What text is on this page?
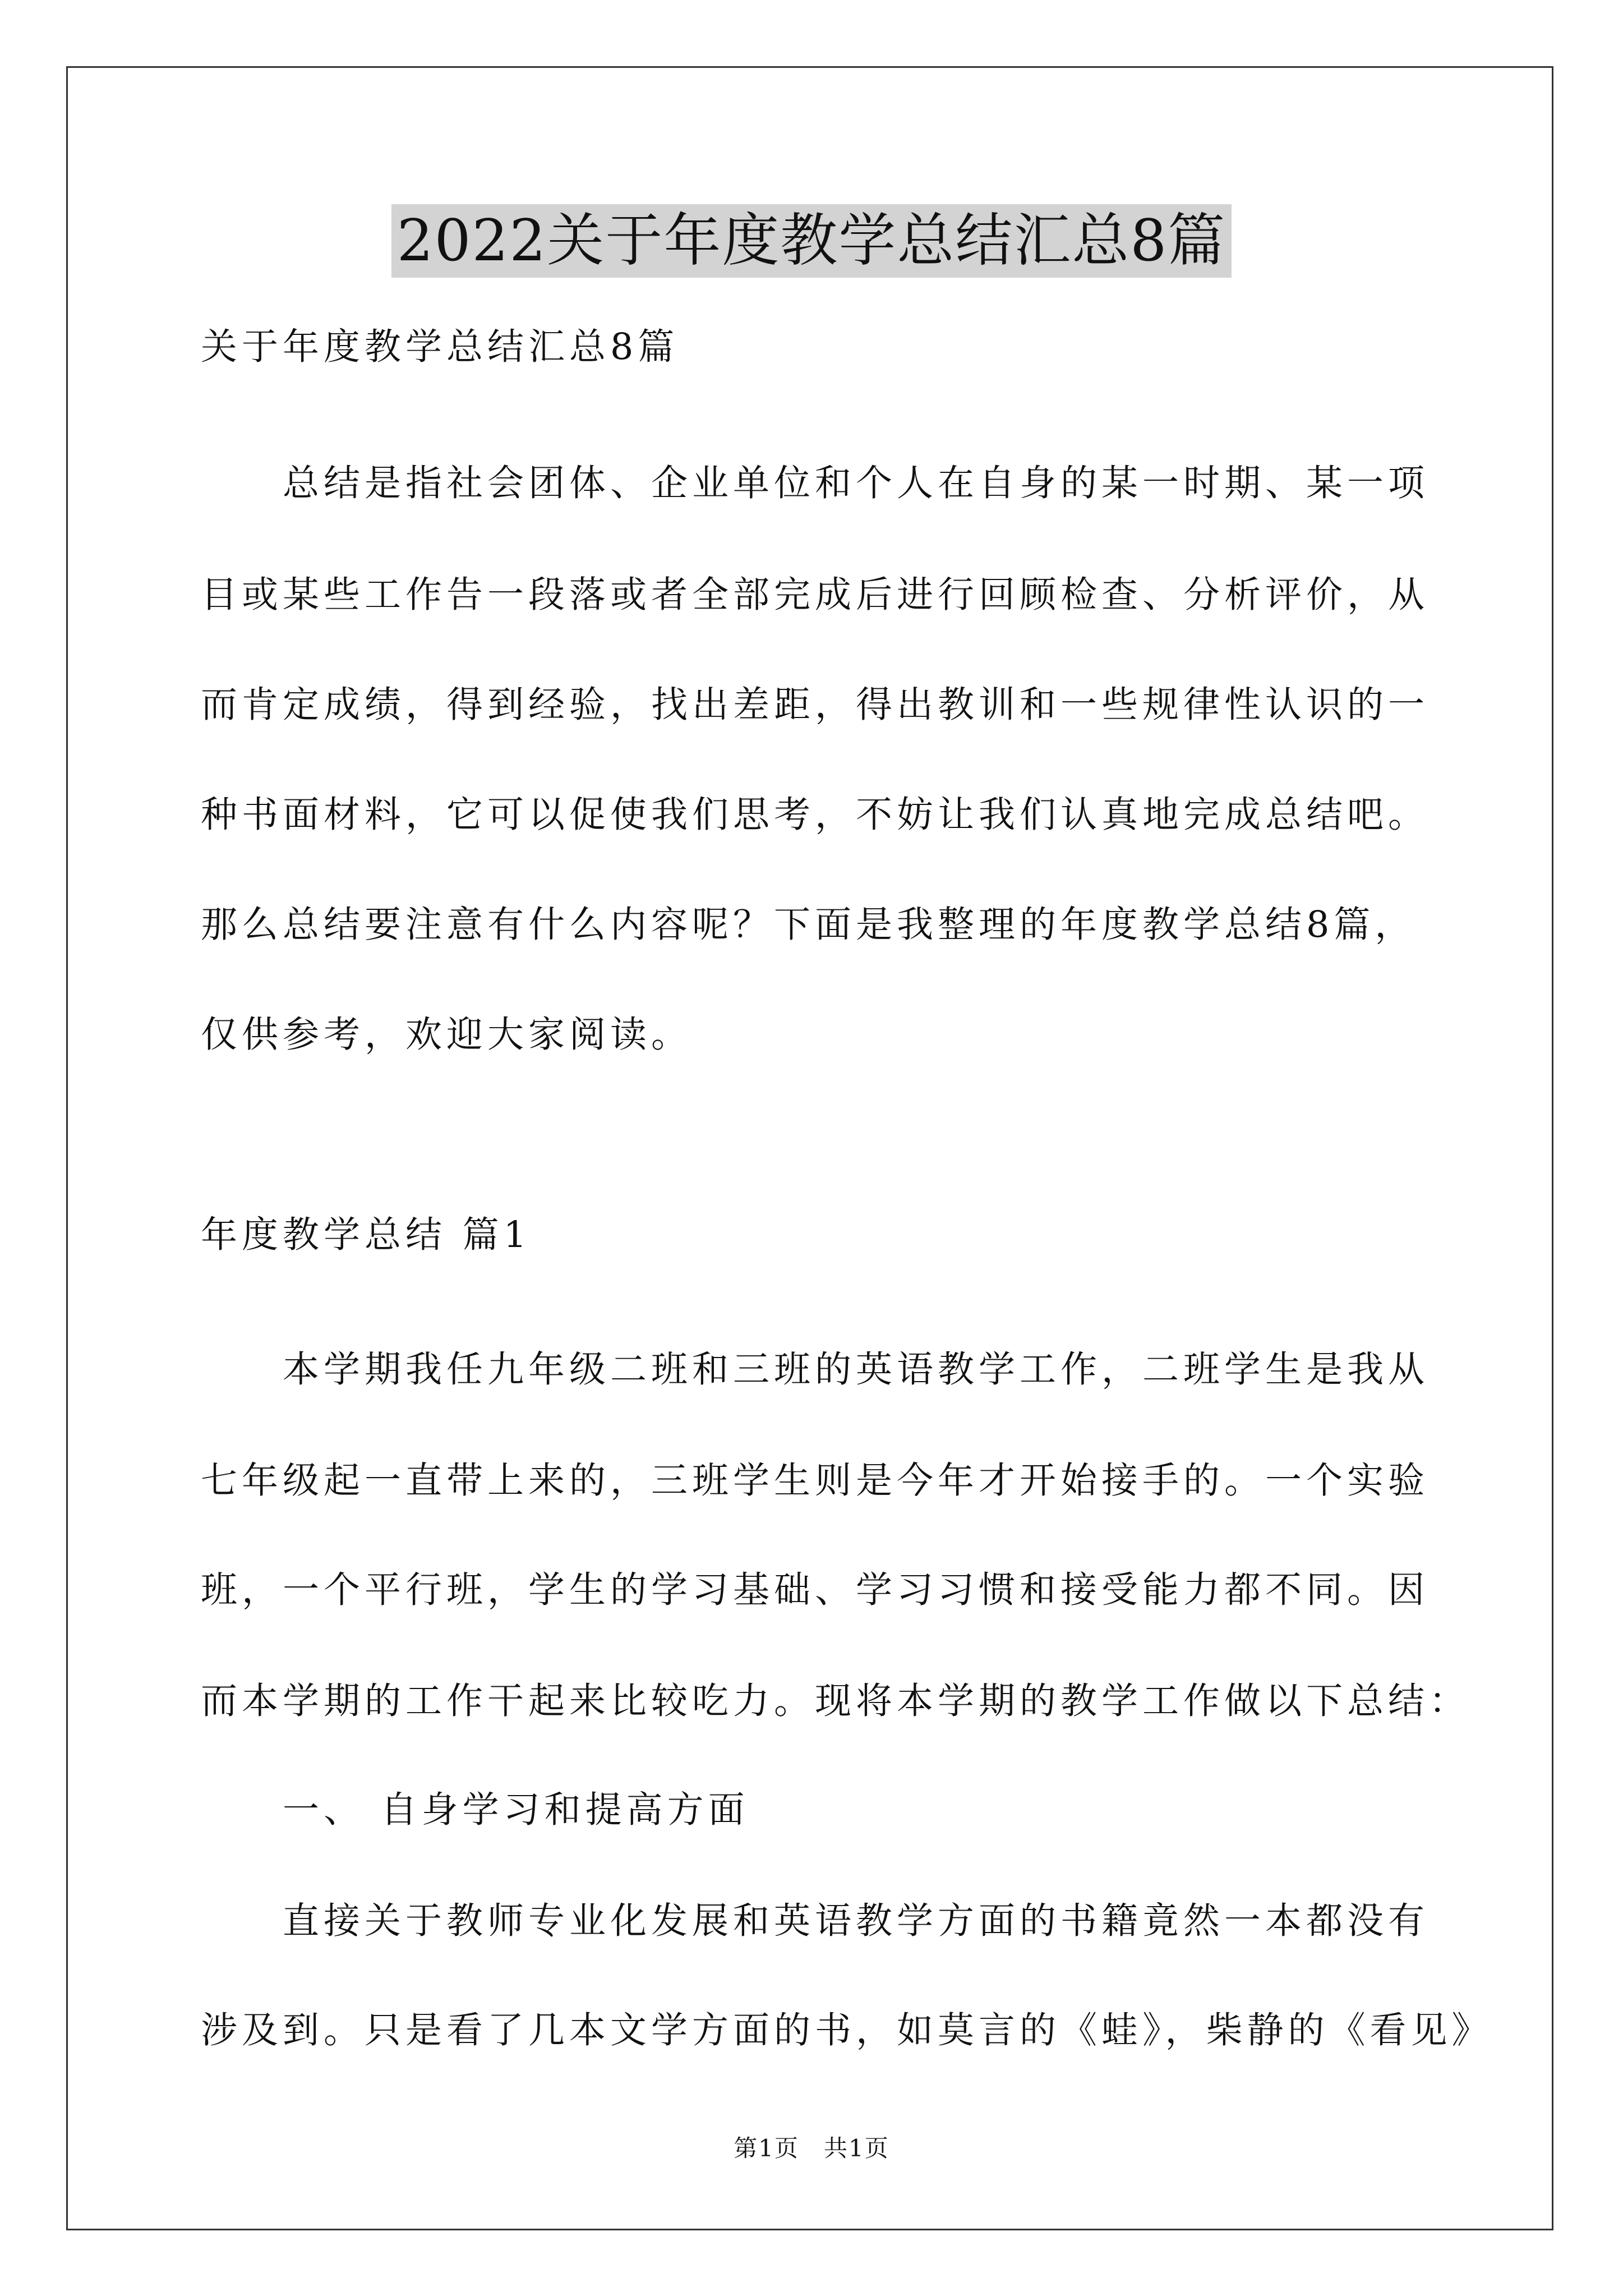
2022关于年度教学总结汇总8篇
关于年度教学总结汇总8篇
　　总结是指社会团体、企业单位和个人在自身的某一时期、某一项
目或某些工作告一段落或者全部完成后进行回顾检查、分析评价，从
而肯定成绩，得到经验，找出差距，得出教训和一些规律性认识的一
种书面材料，它可以促使我们思考，不妨让我们认真地完成总结吧。
那么总结要注意有什么内容呢？下面是我整理的年度教学总结8篇，
仅供参考，欢迎大家阅读。
年度教学总结 篇1
　　本学期我任九年级二班和三班的英语教学工作，二班学生是我从
七年级起一直带上来的，三班学生则是今年才开始接手的。一个实验
班，一个平行班，学生的学习基础、学习习惯和接受能力都不同。因
而本学期的工作干起来比较吃力。现将本学期的教学工作做以下总结：
　　一、 自身学习和提高方面
　　直接关于教师专业化发展和英语教学方面的书籍竟然一本都没有
涉及到。只是看了几本文学方面的书，如莫言的《蛙》，柴静的《看见》
第1页　共1页
